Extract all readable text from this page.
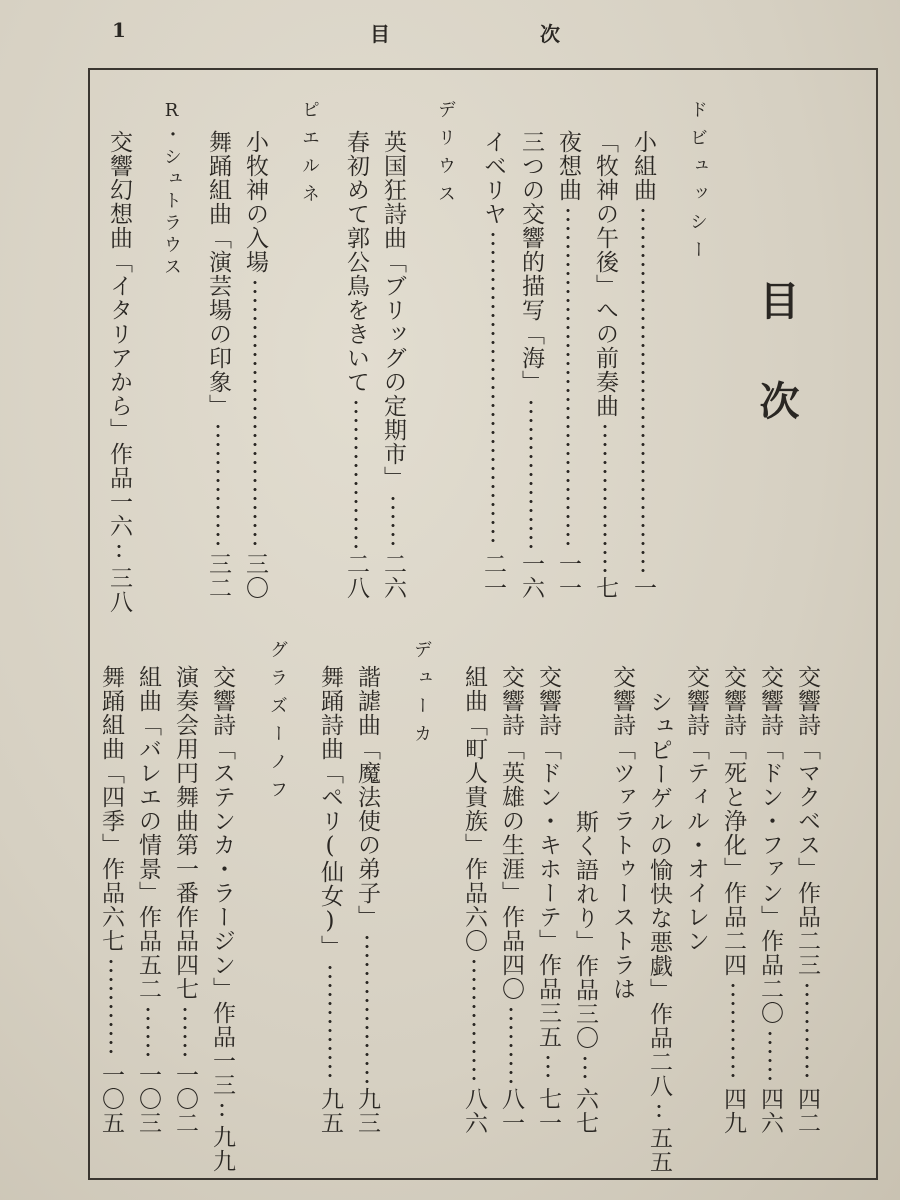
1	目	次
目次
ドビュッシー
小組曲
一
「牧神の午後」への前奏曲
七
夜想曲
一一
三つの交響的描写「海」
一六
イベリヤ
二一
デリウス
英国狂詩曲「ブリッグの定期市」
二六
春初めて郭公鳥をきいて
二八
ピエルネ
小牧神の入場
三〇
舞踊組曲「演芸場の印象」
三二
R・シュトラウス
交響幻想曲「イタリアから」作品一六
三八
交響詩「マクベス」作品二三
四二
交響詩「ドン・ファン」作品二〇
四六
交響詩「死と浄化」作品二四
四九
交響詩「ティル・オイレン
シュピーゲルの愉快な悪戯」作品二八
五五
交響詩「ツァラトゥーストラは
斯く語れり」作品三〇
六七
交響詩「ドン・キホーテ」作品三五
七一
交響詩「英雄の生涯」作品四〇
八一
組曲「町人貴族」作品六〇
八六
デューカ
諧謔曲「魔法使の弟子」
九三
舞踊詩曲「ペリ(仙女)」
九五
グラズーノフ
交響詩「ステンカ・ラージン」作品一三
九九
演奏会用円舞曲第一番作品四七
一〇二
組曲「バレエの情景」作品五二
一〇三
舞踊組曲「四季」作品六七
一〇五
